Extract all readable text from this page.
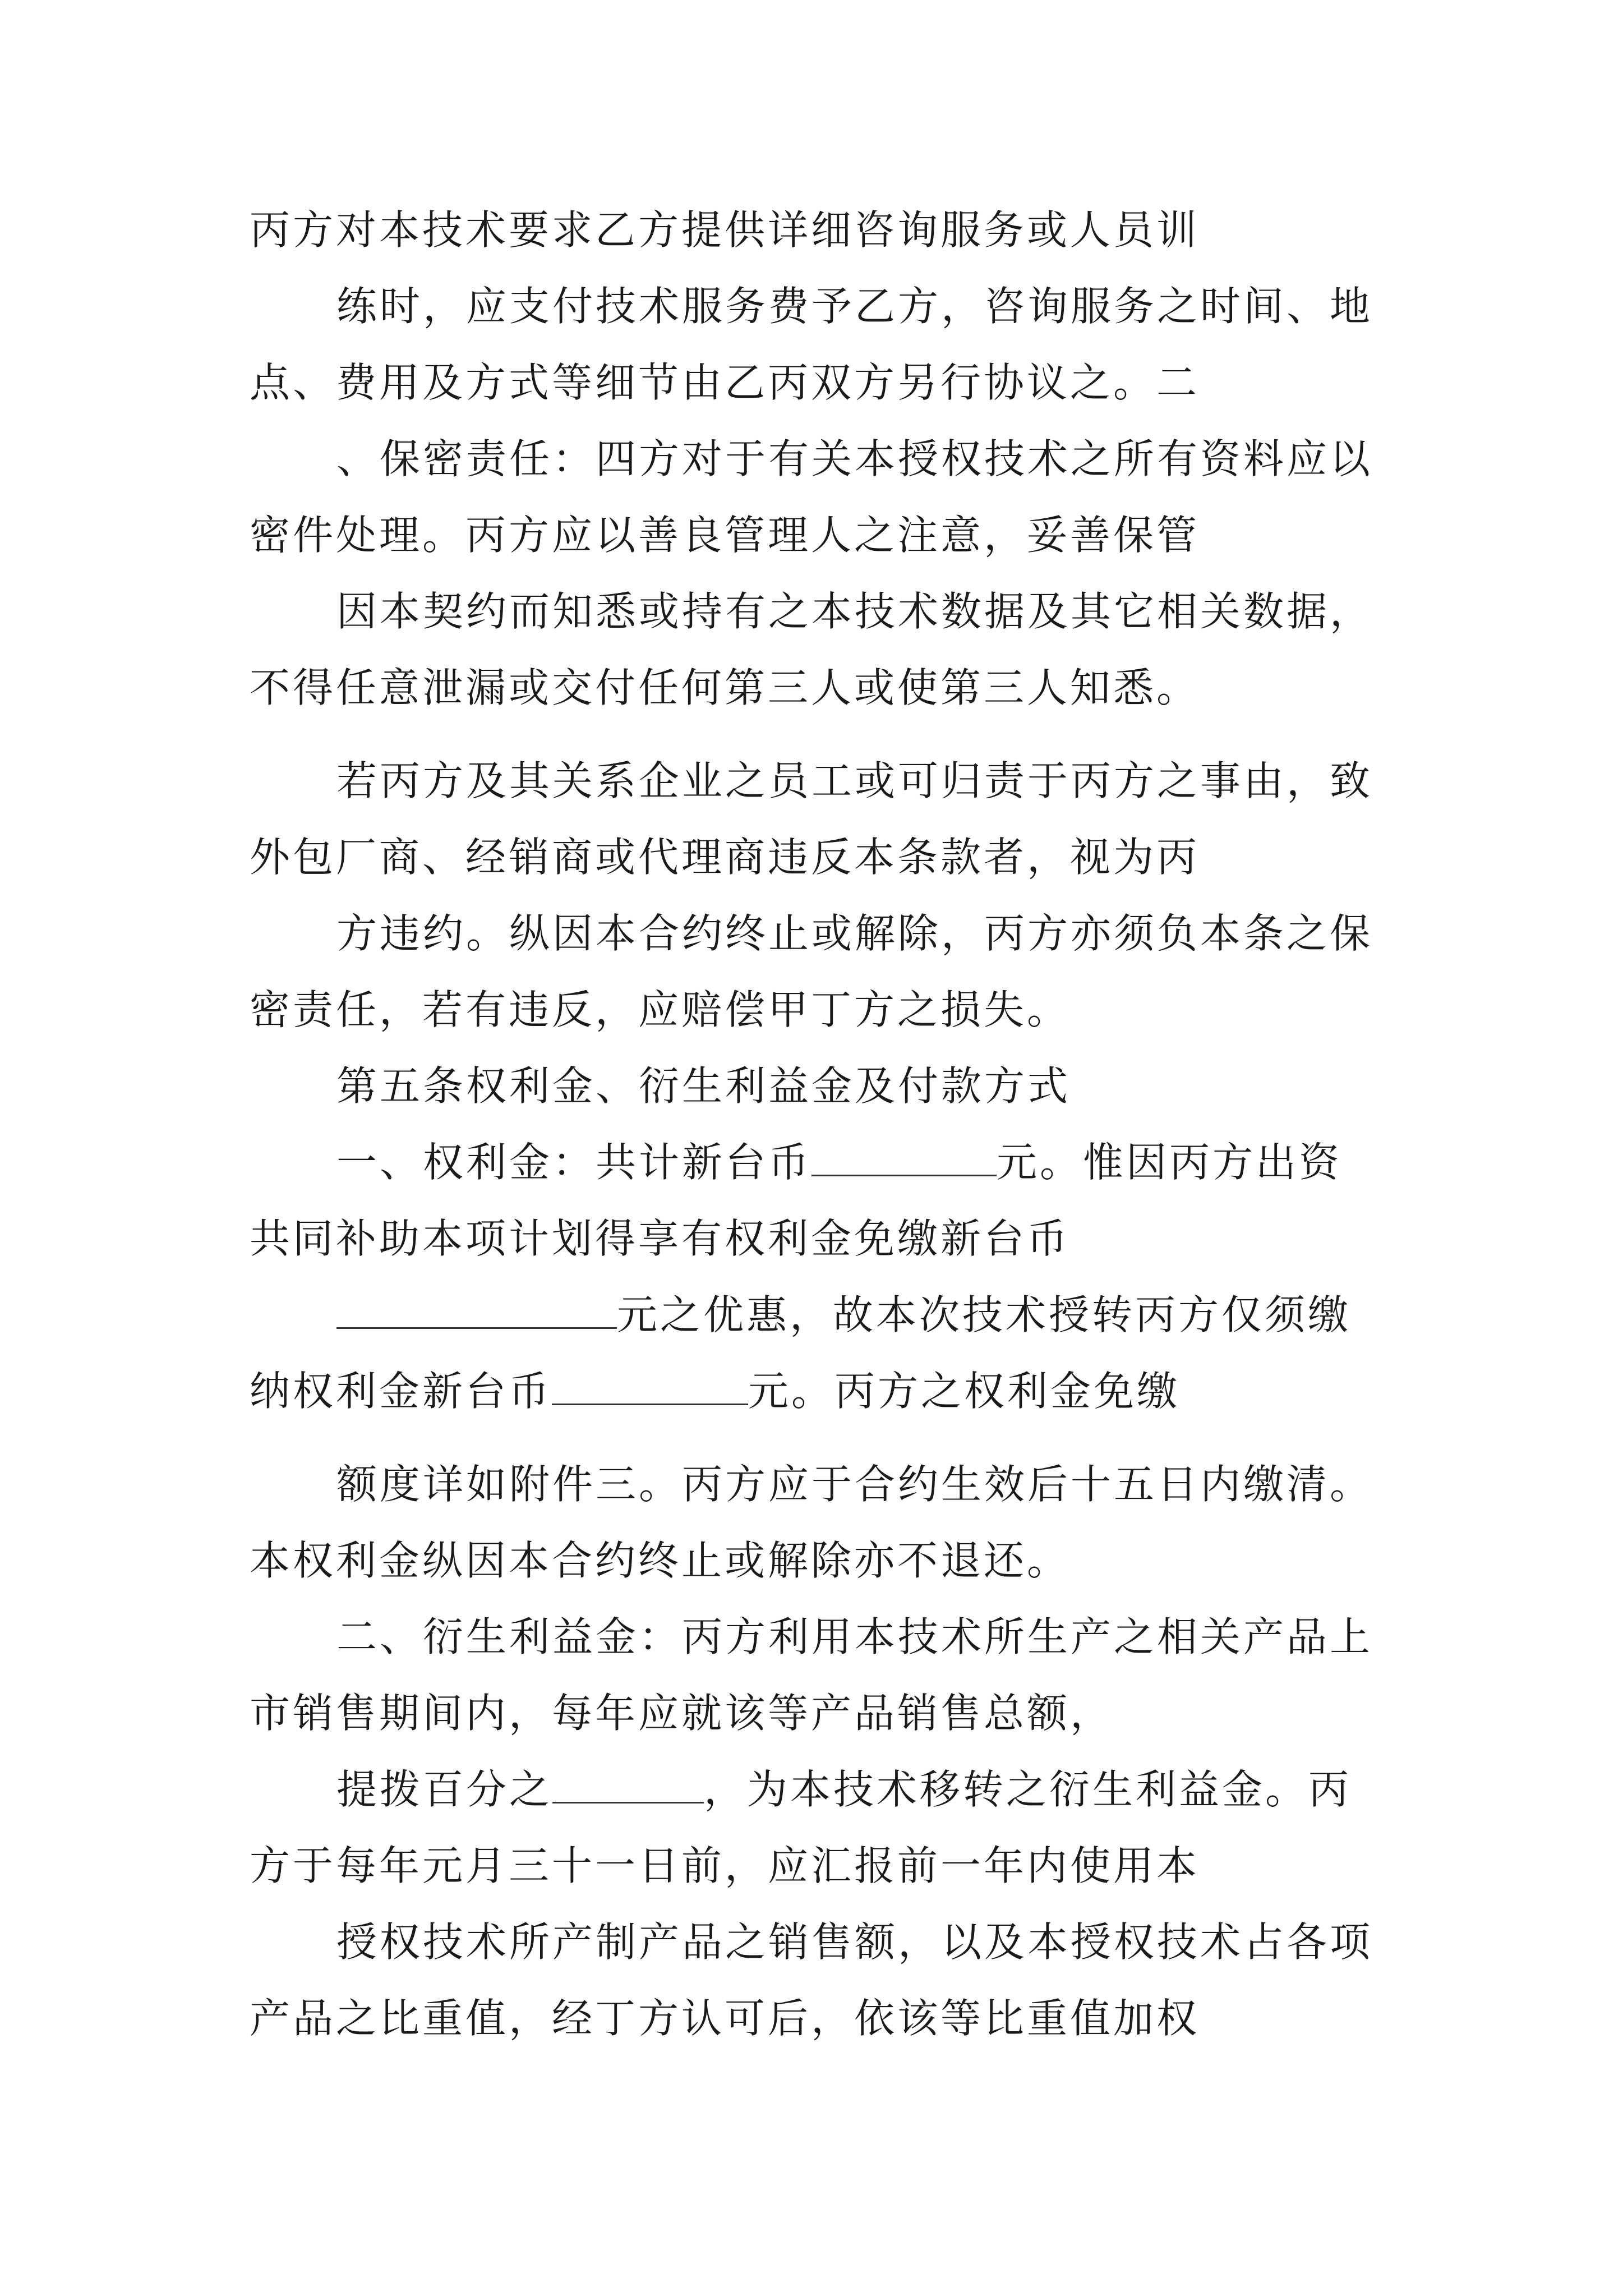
丙方对本技术要求乙方提供详细咨询服务或人员训
练时，应支付技术服务费予乙方，咨询服务之时间、地
点、费用及方式等细节由乙丙双方另行协议之。二
、保密责任：四方对于有关本授权技术之所有资料应以
密件处理。丙方应以善良管理人之注意，妥善保管
因本契约而知悉或持有之本技术数据及其它相关数据，
不得任意泄漏或交付任何第三人或使第三人知悉。
若丙方及其关系企业之员工或可归责于丙方之事由，致
外包厂商、经销商或代理商违反本条款者，视为丙
方违约。纵因本合约终止或解除，丙方亦须负本条之保
密责任，若有违反，应赔偿甲丁方之损失。
第五条权利金、衍生利益金及付款方式
一、权利金：共计新台币	元。惟因丙方出资
共同补助本项计划得享有权利金免缴新台币
元之优惠，故本次技术授转丙方仅须缴
纳权利金新台币	元。丙方之权利金免缴
额度详如附件三。丙方应于合约生效后十五日内缴清。
本权利金纵因本合约终止或解除亦不退还。
二、衍生利益金：丙方利用本技术所生产之相关产品上
市销售期间内，每年应就该等产品销售总额，
提拨百分之	，为本技术移转之衍生利益金。丙
方于每年元月三十一日前，应汇报前一年内使用本
授权技术所产制产品之销售额，以及本授权技术占各项
产品之比重值，经丁方认可后，依该等比重值加权
